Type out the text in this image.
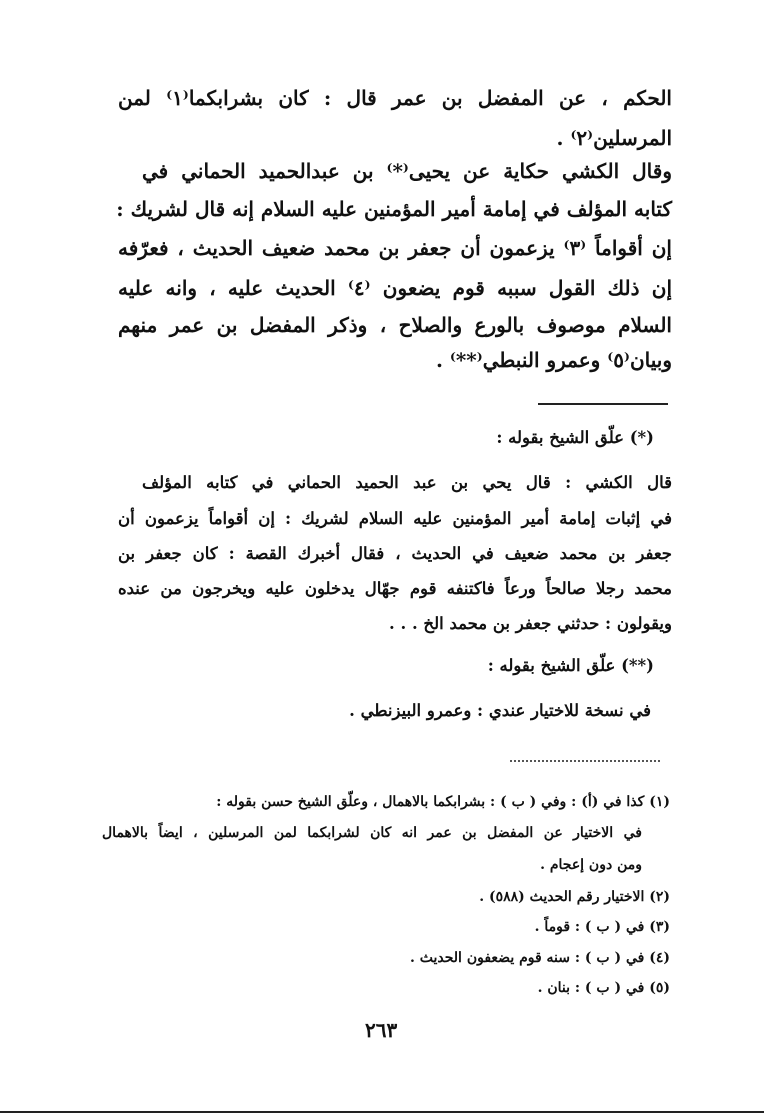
الحكم ، عن المفضل بن عمر قال : كان بشرابكما⁽١⁾ لمن
المرسلين⁽٢⁾ .
وقال الكشي حكاية عن يحيى⁽*⁾ بن عبدالحميد الحماني في
كتابه المؤلف في إمامة أمير المؤمنين عليه السلام إنه قال لشريك :
إن أقواماً ⁽٣⁾ يزعمون أن جعفر بن محمد ضعيف الحديث ، فعرّفه
إن ذلك القول سببه قوم يضعون ⁽٤⁾ الحديث عليه ، وانه عليه
السلام موصوف بالورع والصلاح ، وذكر المفضل بن عمر منهم
وبيان⁽٥⁾ وعمرو النبطي⁽**⁾ .
(*) علّق الشيخ بقوله :
قال الكشي : قال يحي بن عبد الحميد الحماني في كتابه المؤلف
في إثبات إمامة أمير المؤمنين عليه السلام لشريك : إن أقواماً يزعمون أن
جعفر بن محمد ضعيف في الحديث ، فقال أخبرك القصة : كان جعفر بن
محمد رجلا صالحاً ورعاً فاكتنفه قوم جهّال يدخلون عليه ويخرجون من عنده
ويقولون : حدثني جعفر بن محمد الخ . . .
(**) علّق الشيخ بقوله :
في نسخة للاختيار عندي : وعمرو البيزنطي .
(١) كذا في (أ) : وفي ( ب ) : بشرابكما بالاهمال ، وعلّق الشيخ حسن بقوله :
في الاختيار عن المفضل بن عمر انه كان لشرابكما لمن المرسلين ، ايضاً بالاهمال
ومن دون إعجام .
(٢) الاختيار رقم الحديث (٥٨٨) .
(٣) في ( ب ) : قوماً .
(٤) في ( ب ) : سنه قوم يضعفون الحديث .
(٥) في ( ب ) : بنان .
٢٦٣
